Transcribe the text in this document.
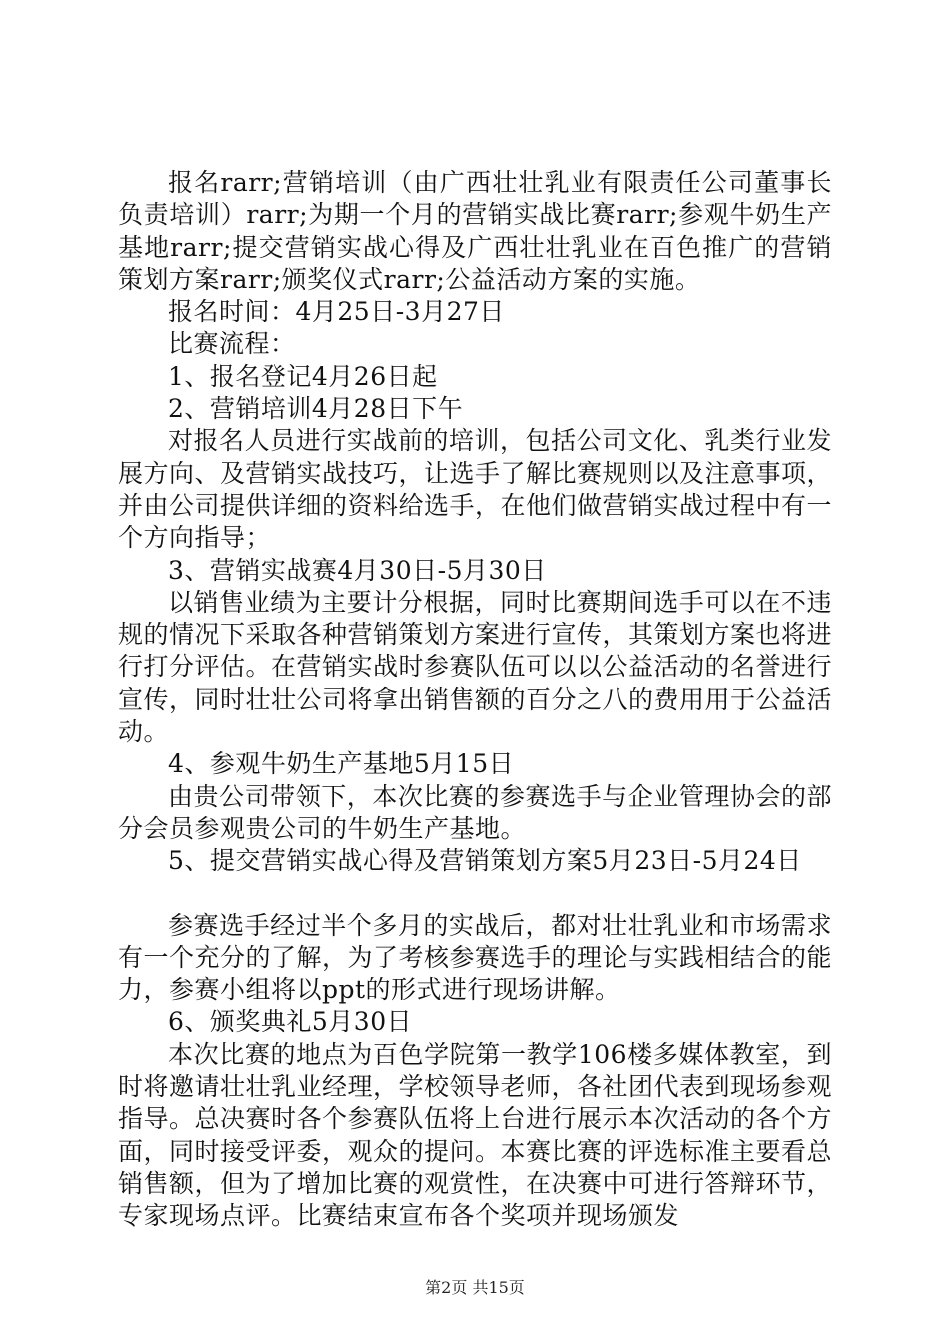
报名rarr;营销培训（由广西壮壮乳业有限责任公司董事长负责培训）rarr;为期一个月的营销实战比赛rarr;参观牛奶生产基地rarr;提交营销实战心得及广西壮壮乳业在百色推广的营销策划方案rarr;颁奖仪式rarr;公益活动方案的实施。

报名时间：4月25日-3月27日

比赛流程：

1、报名登记4月26日起

2、营销培训4月28日下午

对报名人员进行实战前的培训，包括公司文化、乳类行业发展方向、及营销实战技巧，让选手了解比赛规则以及注意事项，并由公司提供详细的资料给选手，在他们做营销实战过程中有一个方向指导；

3、营销实战赛4月30日-5月30日

以销售业绩为主要计分根据，同时比赛期间选手可以在不违规的情况下采取各种营销策划方案进行宣传，其策划方案也将进行打分评估。在营销实战时参赛队伍可以以公益活动的名誉进行宣传，同时壮壮公司将拿出销售额的百分之八的费用用于公益活动。

4、参观牛奶生产基地5月15日

由贵公司带领下，本次比赛的参赛选手与企业管理协会的部分会员参观贵公司的牛奶生产基地。

5、提交营销实战心得及营销策划方案5月23日-5月24日

参赛选手经过半个多月的实战后，都对壮壮乳业和市场需求有一个充分的了解，为了考核参赛选手的理论与实践相结合的能力，参赛小组将以ppt的形式进行现场讲解。

6、颁奖典礼5月30日

本次比赛的地点为百色学院第一教学106楼多媒体教室，到时将邀请壮壮乳业经理，学校领导老师，各社团代表到现场参观指导。总决赛时各个参赛队伍将上台进行展示本次活动的各个方面，同时接受评委，观众的提问。本赛比赛的评选标准主要看总销售额，但为了增加比赛的观赏性，在决赛中可进行答辩环节，专家现场点评。比赛结束宣布各个奖项并现场颁发

第2页 共15页
